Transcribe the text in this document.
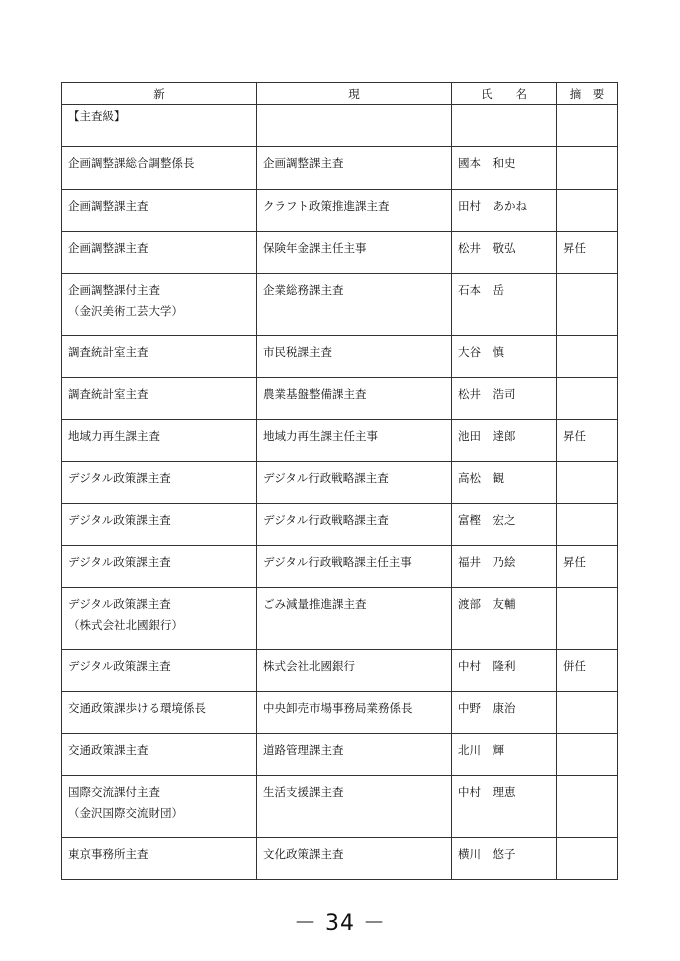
新	現	氏　　名	摘　要

【主査級】			

企画調整課総合調整係長	企画調整課主査	國本　和史	

企画調整課主査	クラフト政策推進課主査	田村　あかね	

企画調整課主査	保険年金課主任主事	松井　敬弘	昇任

企画調整課付主査
（金沢美術工芸大学）	企業総務課主査	石本　岳	

調査統計室主査	市民税課主査	大谷　慎	

調査統計室主査	農業基盤整備課主査	松井　浩司	

地域力再生課主査	地域力再生課主任主事	池田　達郎	昇任

デジタル政策課主査	デジタル行政戦略課主査	高松　観	

デジタル政策課主査	デジタル行政戦略課主査	富樫　宏之	

デジタル政策課主査	デジタル行政戦略課主任主事	福井　乃絵	昇任

デジタル政策課主査
（株式会社北國銀行）	ごみ減量推進課主査	渡部　友輔	

デジタル政策課主査	株式会社北國銀行	中村　隆利	併任

交通政策課歩ける環境係長	中央卸売市場事務局業務係長	中野　康治	

交通政策課主査	道路管理課主査	北川　輝	

国際交流課付主査
（金沢国際交流財団）	生活支援課主査	中村　理恵	

東京事務所主査	文化政策課主査	横川　悠子	

－ 34 －
